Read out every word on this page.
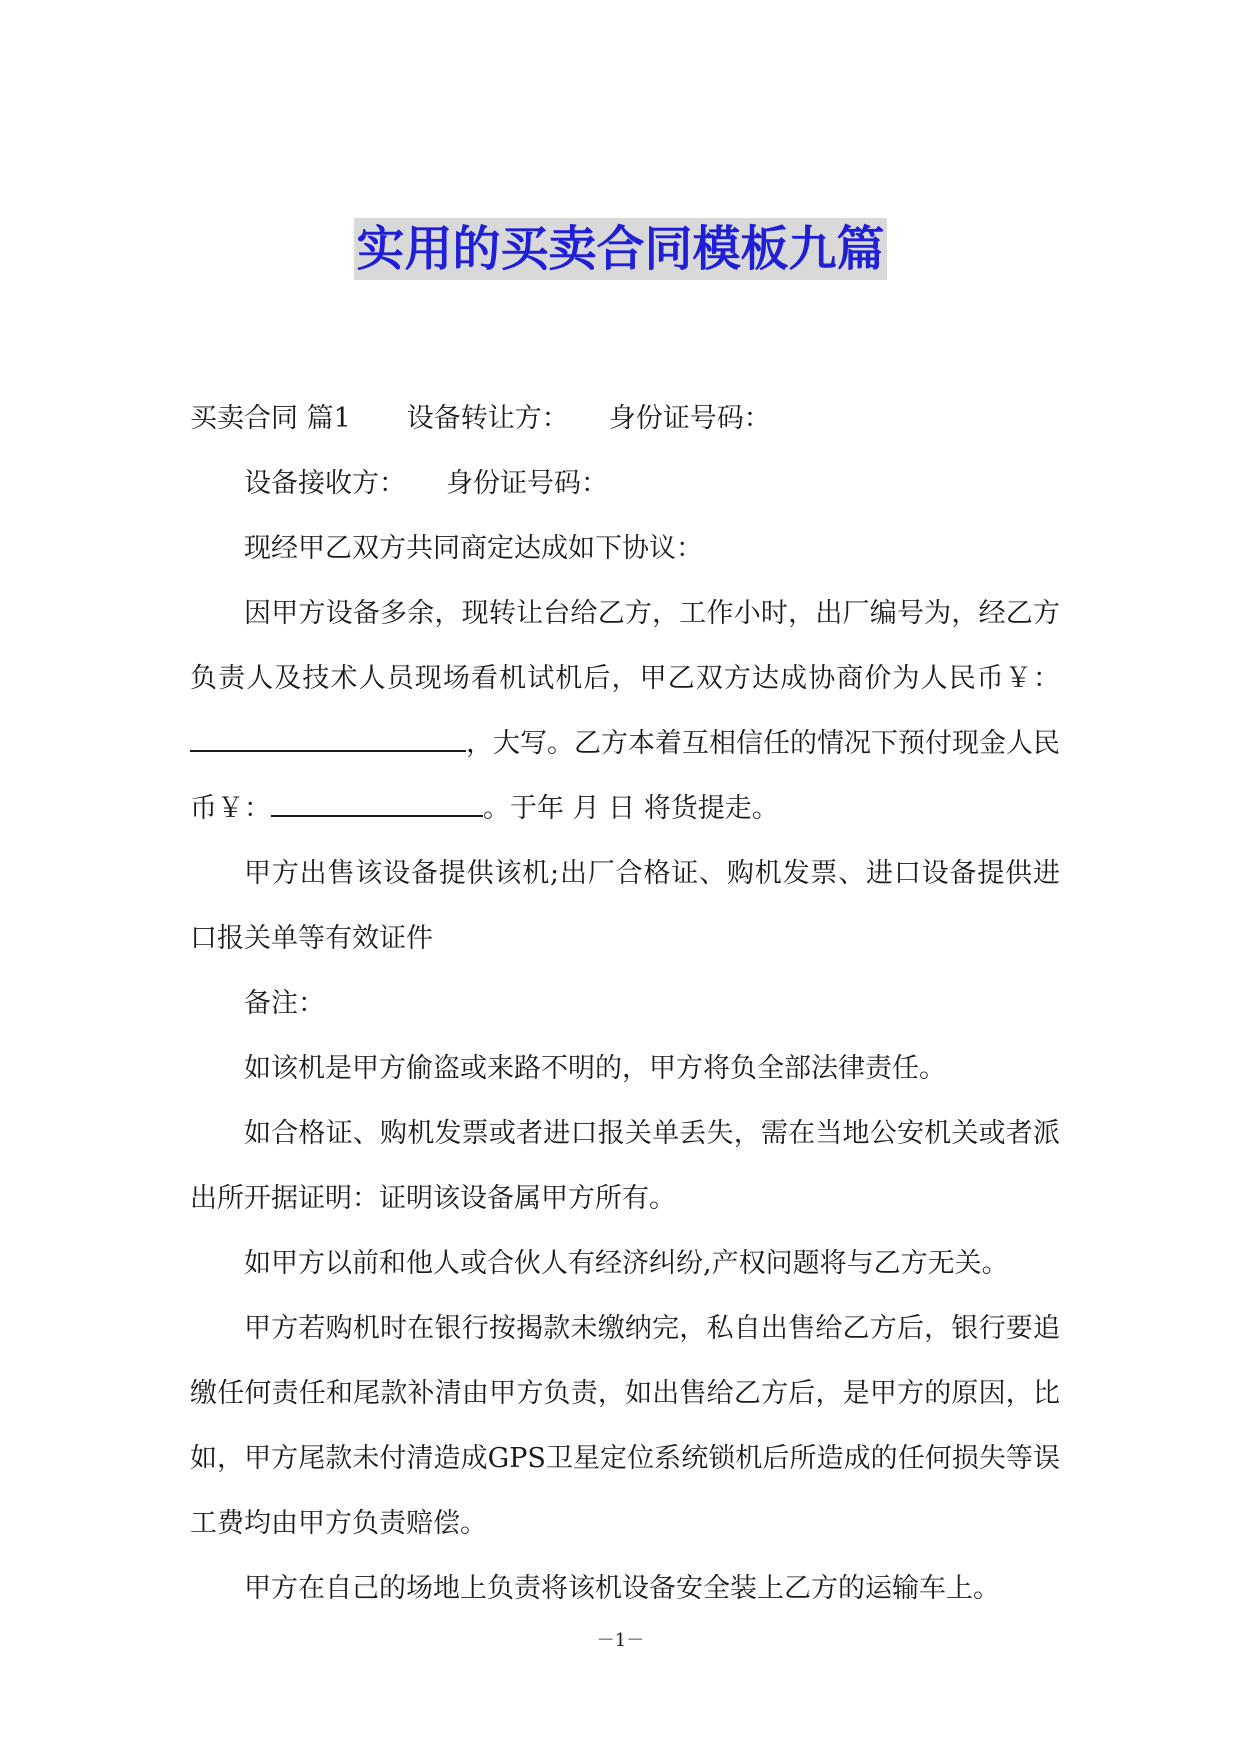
实用的买卖合同模板九篇

买卖合同 篇1 设备转让方： 身份证号码：

设备接收方： 身份证号码：

现经甲乙双方共同商定达成如下协议：

因甲方设备多余，现转让台给乙方，工作小时，出厂编号为，经乙方负责人及技术人员现场看机试机后，甲乙双方达成协商价为人民币￥：，大写。乙方本着互相信任的情况下预付现金人民币￥：	。于年 月 日 将货提走。

甲方出售该设备提供该机;出厂合格证、购机发票、进口设备提供进口报关单等有效证件

备注：

如该机是甲方偷盗或来路不明的，甲方将负全部法律责任。

如合格证、购机发票或者进口报关单丢失，需在当地公安机关或者派出所开据证明：证明该设备属甲方所有。

如甲方以前和他人或合伙人有经济纠纷,产权问题将与乙方无关。

甲方若购机时在银行按揭款未缴纳完，私自出售给乙方后，银行要追缴任何责任和尾款补清由甲方负责，如出售给乙方后，是甲方的原因，比如，甲方尾款未付清造成GPS卫星定位系统锁机后所造成的任何损失等误工费均由甲方负责赔偿。

甲方在自己的场地上负责将该机设备安全装上乙方的运输车上。

－1－
